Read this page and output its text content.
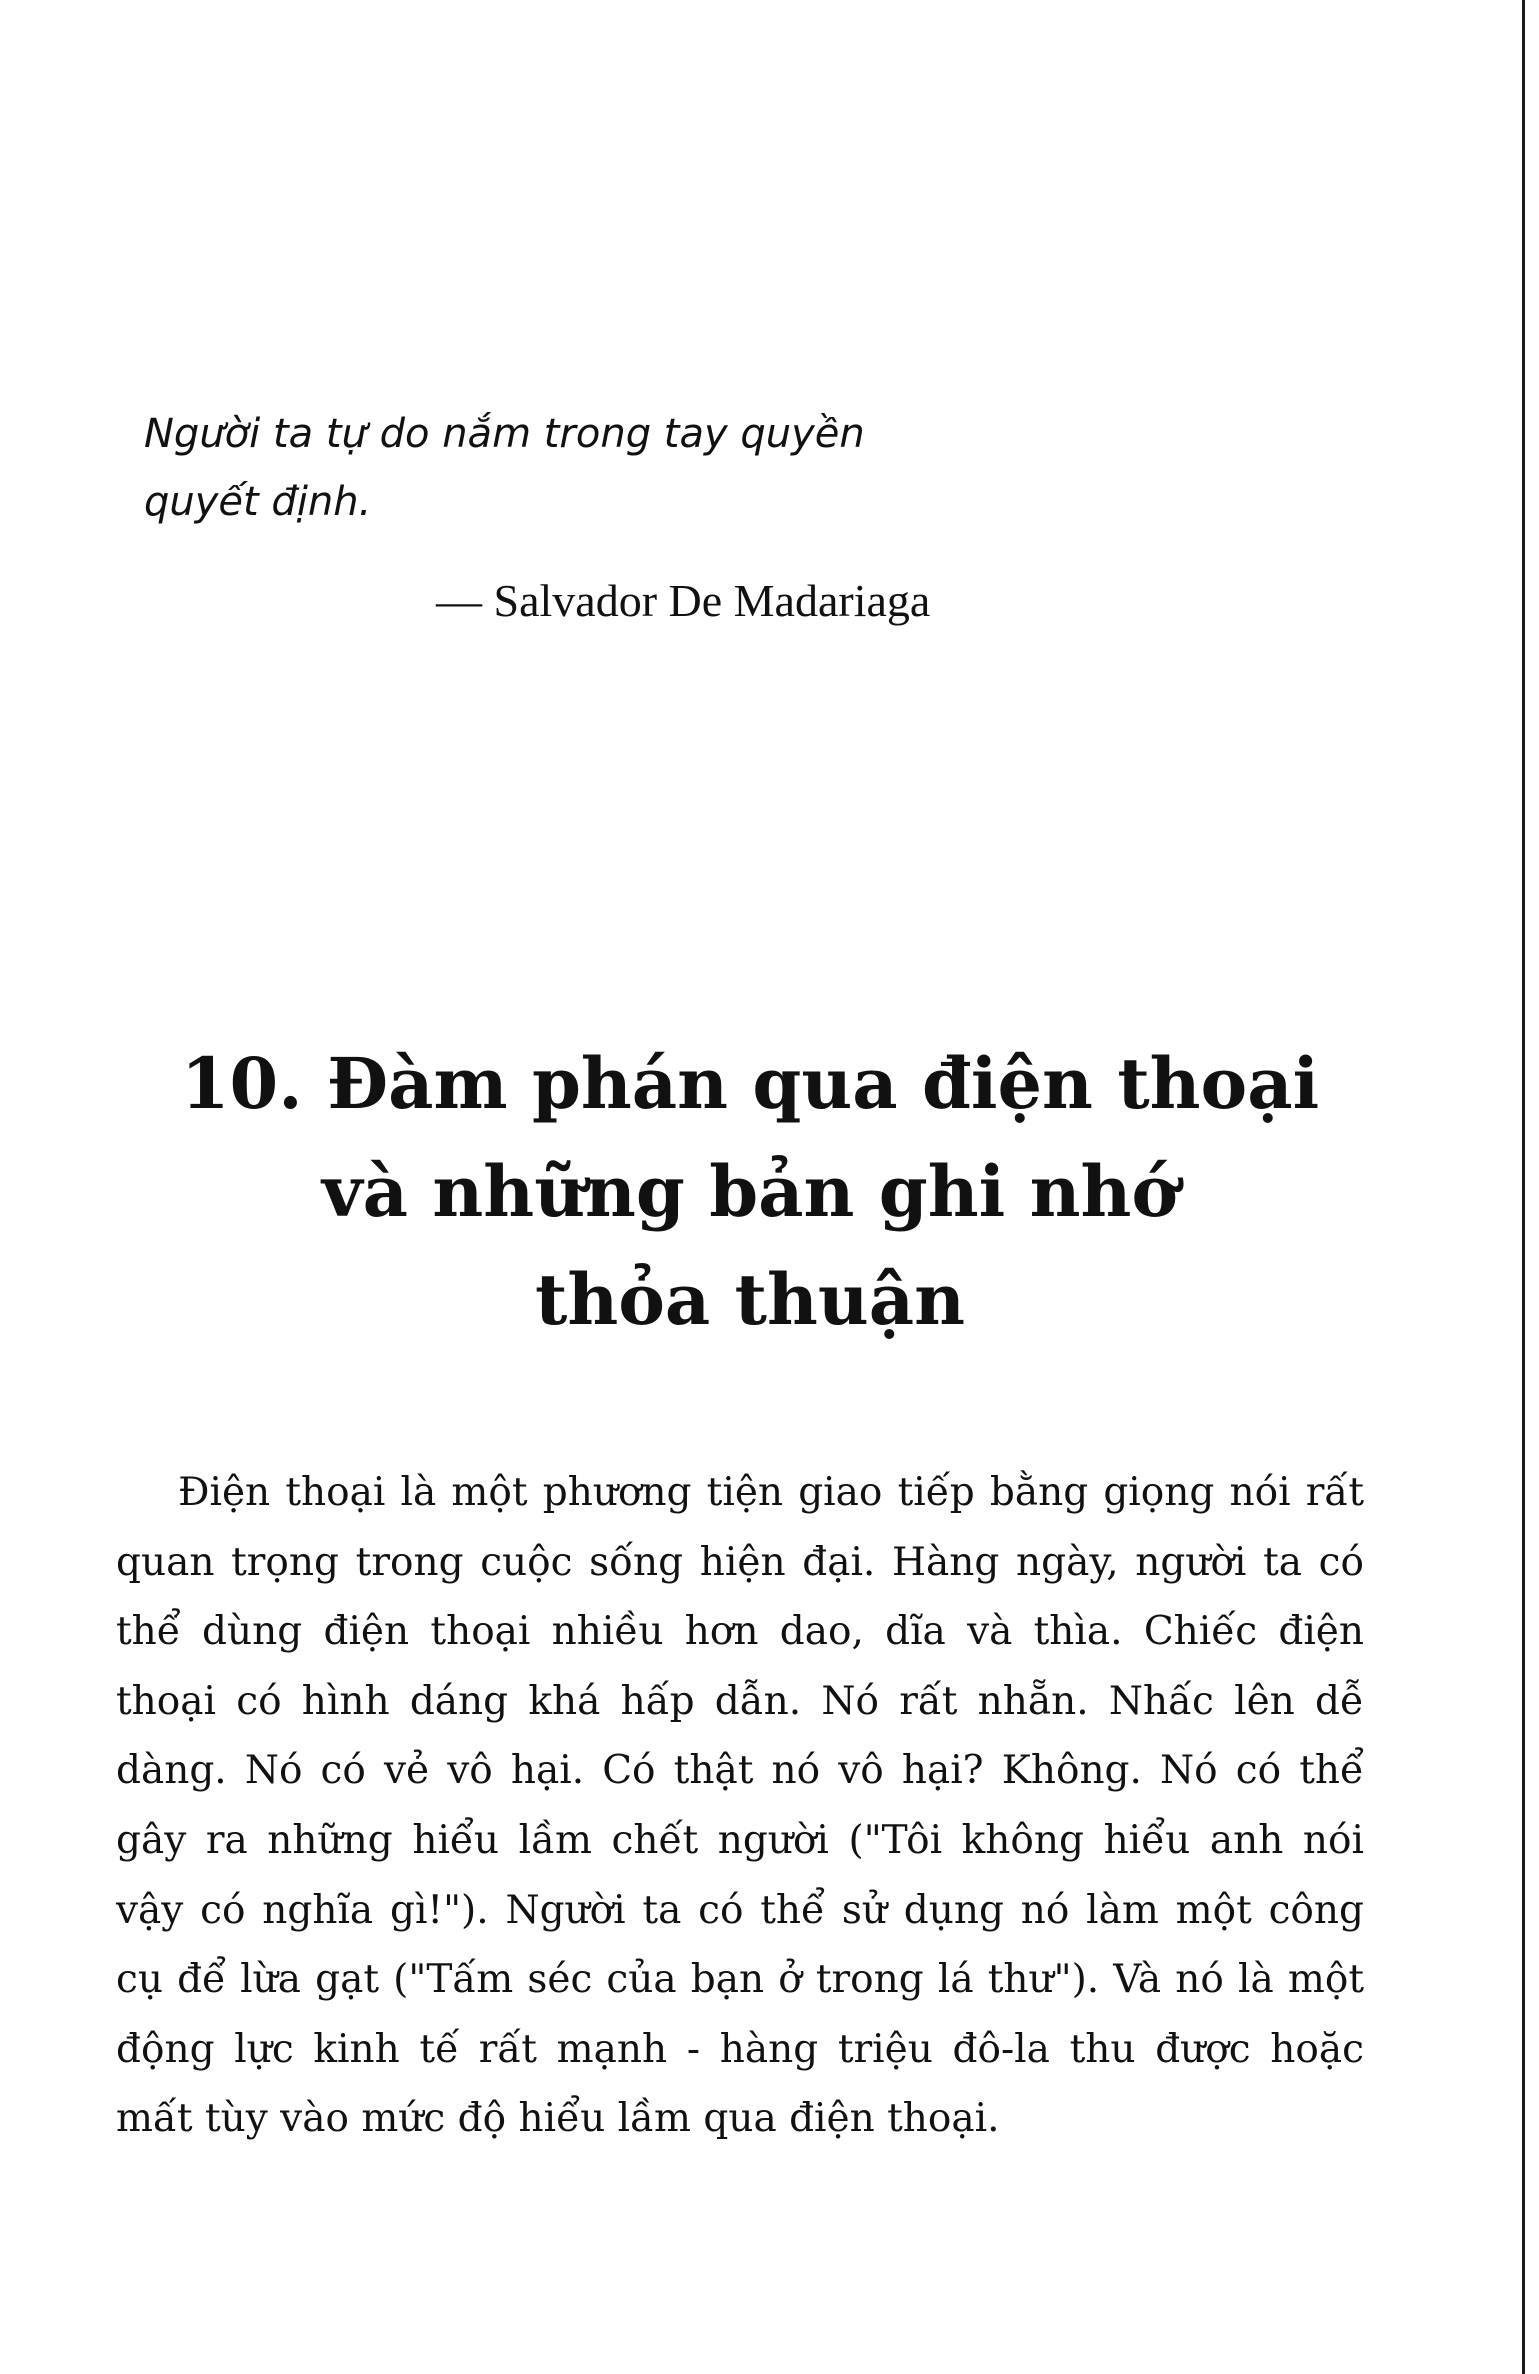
Người ta tự do nắm trong tay quyền quyết định.
— Salvador De Madariaga
10. Đàm phán qua điện thoại
và những bản ghi nhớ
thỏa thuận

Điện thoại là một phương tiện giao tiếp bằng giọng nói rất quan trọng trong cuộc sống hiện đại. Hàng ngày, người ta có thể dùng điện thoại nhiều hơn dao, dĩa và thìa. Chiếc điện thoại có hình dáng khá hấp dẫn. Nó rất nhẵn. Nhấc lên dễ dàng. Nó có vẻ vô hại. Có thật nó vô hại? Không. Nó có thể gây ra những hiểu lầm chết người ("Tôi không hiểu anh nói vậy có nghĩa gì!"). Người ta có thể sử dụng nó làm một công cụ để lừa gạt ("Tấm séc của bạn ở trong lá thư"). Và nó là một động lực kinh tế rất mạnh - hàng triệu đô-la thu được hoặc mất tùy vào mức độ hiểu lầm qua điện thoại.
